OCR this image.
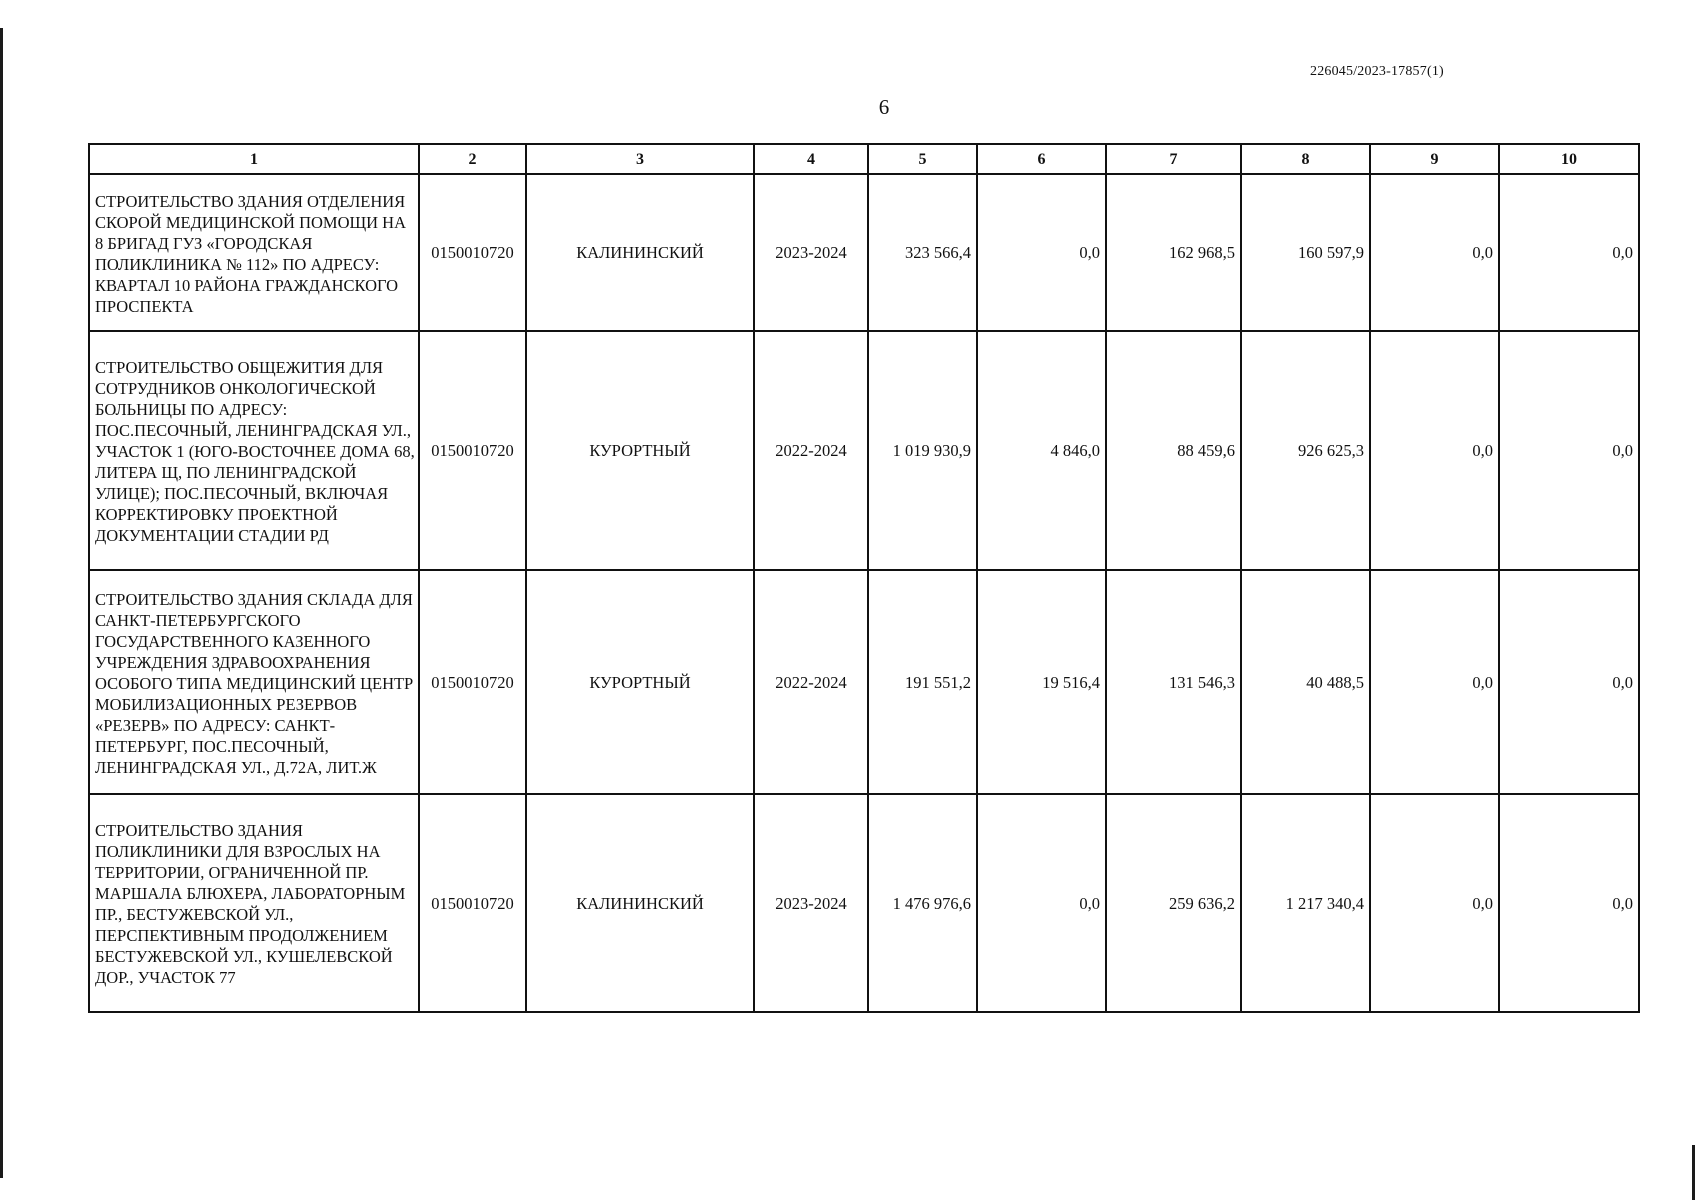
226045/2023-17857(1)
6
1	2	3	4	5	6	7	8	9	10
СТРОИТЕЛЬСТВО ЗДАНИЯ ОТДЕЛЕНИЯ СКОРОЙ МЕДИЦИНСКОЙ ПОМОЩИ НА 8 БРИГАД ГУЗ «ГОРОДСКАЯ ПОЛИКЛИНИКА № 112» ПО АДРЕСУ: КВАРТАЛ 10 РАЙОНА ГРАЖДАНСКОГО ПРОСПЕКТА	0150010720	КАЛИНИНСКИЙ	2023-2024	323 566,4	0,0	162 968,5	160 597,9	0,0	0,0
СТРОИТЕЛЬСТВО ОБЩЕЖИТИЯ ДЛЯ СОТРУДНИКОВ ОНКОЛОГИЧЕСКОЙ БОЛЬНИЦЫ ПО АДРЕСУ: ПОС.ПЕСОЧНЫЙ, ЛЕНИНГРАДСКАЯ УЛ., УЧАСТОК 1 (ЮГО-ВОСТОЧНЕЕ ДОМА 68, ЛИТЕРА Щ, ПО ЛЕНИНГРАДСКОЙ УЛИЦЕ); ПОС.ПЕСОЧНЫЙ, ВКЛЮЧАЯ КОРРЕКТИРОВКУ ПРОЕКТНОЙ ДОКУМЕНТАЦИИ СТАДИИ РД	0150010720	КУРОРТНЫЙ	2022-2024	1 019 930,9	4 846,0	88 459,6	926 625,3	0,0	0,0
СТРОИТЕЛЬСТВО ЗДАНИЯ СКЛАДА ДЛЯ САНКТ-ПЕТЕРБУРГСКОГО ГОСУДАРСТВЕННОГО КАЗЕННОГО УЧРЕЖДЕНИЯ ЗДРАВООХРАНЕНИЯ ОСОБОГО ТИПА МЕДИЦИНСКИЙ ЦЕНТР МОБИЛИЗАЦИОННЫХ РЕЗЕРВОВ «РЕЗЕРВ» ПО АДРЕСУ: САНКТ-ПЕТЕРБУРГ, ПОС.ПЕСОЧНЫЙ, ЛЕНИНГРАДСКАЯ УЛ., Д.72А, ЛИТ.Ж	0150010720	КУРОРТНЫЙ	2022-2024	191 551,2	19 516,4	131 546,3	40 488,5	0,0	0,0
СТРОИТЕЛЬСТВО ЗДАНИЯ ПОЛИКЛИНИКИ ДЛЯ ВЗРОСЛЫХ НА ТЕРРИТОРИИ, ОГРАНИЧЕННОЙ ПР. МАРШАЛА БЛЮХЕРА, ЛАБОРАТОРНЫМ ПР., БЕСТУЖЕВСКОЙ УЛ., ПЕРСПЕКТИВНЫМ ПРОДОЛЖЕНИЕМ БЕСТУЖЕВСКОЙ УЛ., КУШЕЛЕВСКОЙ ДОР., УЧАСТОК 77	0150010720	КАЛИНИНСКИЙ	2023-2024	1 476 976,6	0,0	259 636,2	1 217 340,4	0,0	0,0
